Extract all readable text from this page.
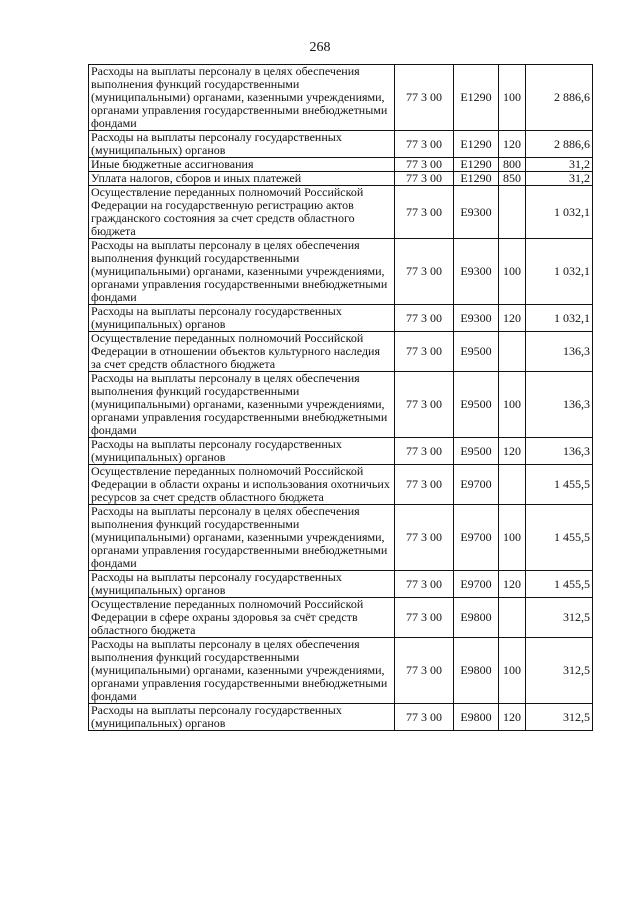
268
Расходы на выплаты персоналу в целях обеспечения выполнения функций государственными (муниципальными) органами, казенными учреждениями, органами управления государственными внебюджетными фондами	77 3 00	Е1290	100	2 886,6
Расходы на выплаты персоналу государственных (муниципальных) органов	77 3 00	Е1290	120	2 886,6
Иные бюджетные ассигнования	77 3 00	Е1290	800	31,2
Уплата налогов, сборов и иных платежей	77 3 00	Е1290	850	31,2
Осуществление переданных полномочий Российской Федерации на государственную регистрацию актов гражданского состояния за счет средств областного бюджета	77 3 00	Е9300		1 032,1
Расходы на выплаты персоналу в целях обеспечения выполнения функций государственными (муниципальными) органами, казенными учреждениями, органами управления государственными внебюджетными фондами	77 3 00	Е9300	100	1 032,1
Расходы на выплаты персоналу государственных (муниципальных) органов	77 3 00	Е9300	120	1 032,1
Осуществление переданных полномочий Российской Федерации в отношении объектов культурного наследия за счет средств областного бюджета	77 3 00	Е9500		136,3
Расходы на выплаты персоналу в целях обеспечения выполнения функций государственными (муниципальными) органами, казенными учреждениями, органами управления государственными внебюджетными фондами	77 3 00	Е9500	100	136,3
Расходы на выплаты персоналу государственных (муниципальных) органов	77 3 00	Е9500	120	136,3
Осуществление переданных полномочий Российской Федерации в области охраны и использования охотничьих ресурсов за счет средств областного бюджета	77 3 00	Е9700		1 455,5
Расходы на выплаты персоналу в целях обеспечения выполнения функций государственными (муниципальными) органами, казенными учреждениями, органами управления государственными внебюджетными фондами	77 3 00	Е9700	100	1 455,5
Расходы на выплаты персоналу государственных (муниципальных) органов	77 3 00	Е9700	120	1 455,5
Осуществление переданных полномочий Российской Федерации в сфере охраны здоровья за счёт средств областного бюджета	77 3 00	Е9800		312,5
Расходы на выплаты персоналу в целях обеспечения выполнения функций государственными (муниципальными) органами, казенными учреждениями, органами управления государственными внебюджетными фондами	77 3 00	Е9800	100	312,5
Расходы на выплаты персоналу государственных (муниципальных) органов	77 3 00	Е9800	120	312,5
